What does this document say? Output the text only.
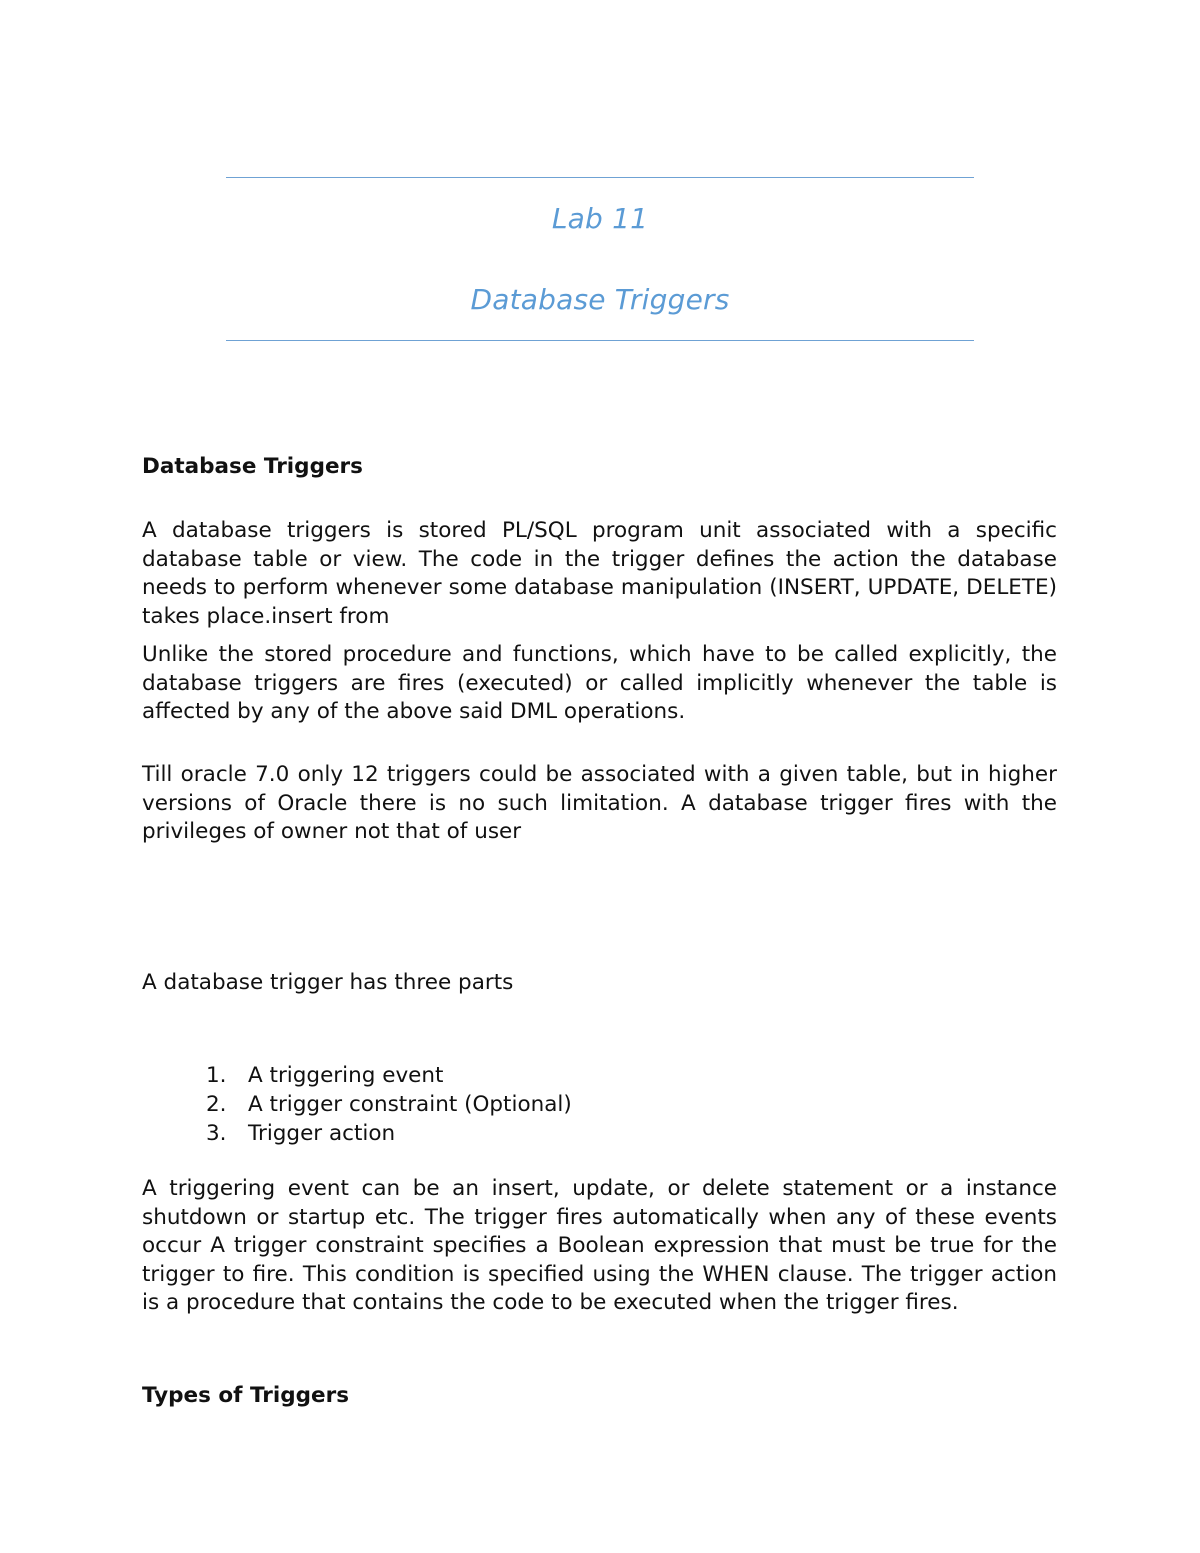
Lab 11
Database Triggers
Database Triggers
A database triggers is stored PL/SQL program unit associated with a specific database table or view. The code in the trigger defines the action the database needs to perform whenever some database manipulation (INSERT, UPDATE, DELETE) takes place.insert from
Unlike the stored procedure and functions, which have to be called explicitly, the database triggers are fires (executed) or called implicitly whenever the table is affected by any of the above said DML operations.
Till oracle 7.0 only 12 triggers could be associated with a given table, but in higher versions of Oracle there is no such limitation. A database trigger fires with the privileges of owner not that of user
A database trigger has three parts
1. A triggering event
2. A trigger constraint (Optional)
3. Trigger action
A triggering event can be an insert, update, or delete statement or a instance shutdown or startup etc. The trigger fires automatically when any of these events occur A trigger constraint specifies a Boolean expression that must be true for the trigger to fire. This condition is specified using the WHEN clause. The trigger action is a procedure that contains the code to be executed when the trigger fires.
Types of Triggers
